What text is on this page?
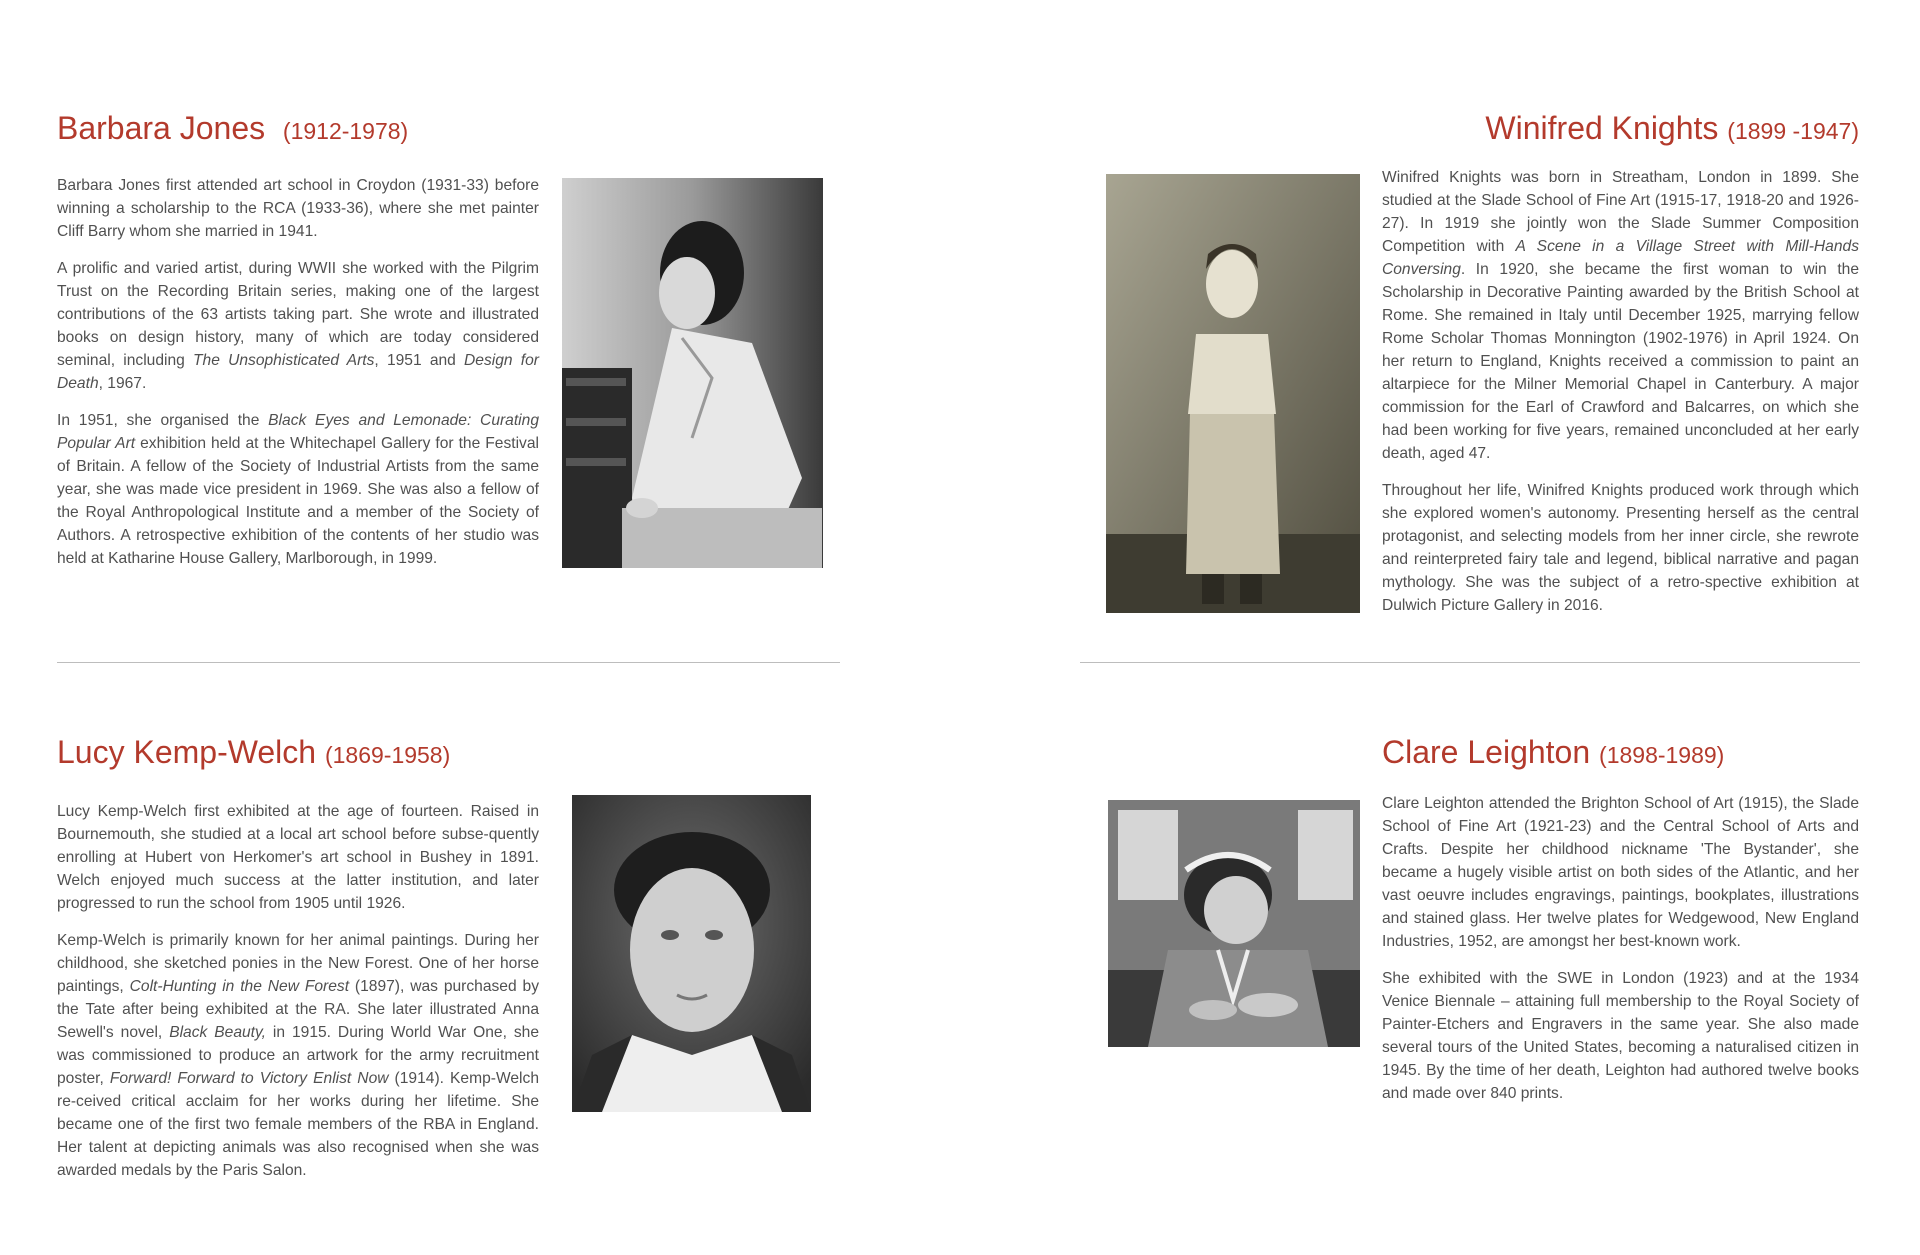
Barbara Jones (1912-1978)

Barbara Jones first attended art school in Croydon (1931-33) before winning a scholarship to the RCA (1933-36), where she met painter Cliff Barry whom she married in 1941.

A prolific and varied artist, during WWII she worked with the Pilgrim Trust on the Recording Britain series, making one of the largest contributions of the 63 artists taking part. She wrote and illustrated books on design history, many of which are today considered seminal, including The Unsophisticated Arts, 1951 and Design for Death, 1967.

In 1951, she organised the Black Eyes and Lemonade: Curating Popular Art exhibition held at the Whitechapel Gallery for the Festival of Britain. A fellow of the Society of Industrial Artists from the same year, she was made vice president in 1969. She was also a fellow of the Royal Anthropological Institute and a member of the Society of Authors. A retrospective exhibition of the contents of her studio was held at Katharine House Gallery, Marlborough, in 1999.

Winifred Knights (1899 -1947)

Winifred Knights was born in Streatham, London in 1899. She studied at the Slade School of Fine Art (1915-17, 1918-20 and 1926-27). In 1919 she jointly won the Slade Summer Composition Competition with A Scene in a Village Street with Mill-Hands Conversing. In 1920, she became the first woman to win the Scholarship in Decorative Painting awarded by the British School at Rome. She remained in Italy until December 1925, marrying fellow Rome Scholar Thomas Monnington (1902-1976) in April 1924. On her return to England, Knights received a commission to paint an altarpiece for the Milner Memorial Chapel in Canterbury. A major commission for the Earl of Crawford and Balcarres, on which she had been working for five years, remained unconcluded at her early death, aged 47.

Throughout her life, Winifred Knights produced work through which she explored women's autonomy. Presenting herself as the central protagonist, and selecting models from her inner circle, she rewrote and reinterpreted fairy tale and legend, biblical narrative and pagan mythology. She was the subject of a retro-spective exhibition at Dulwich Picture Gallery in 2016.

Lucy Kemp-Welch (1869-1958)

Lucy Kemp-Welch first exhibited at the age of fourteen. Raised in Bournemouth, she studied at a local art school before subse-quently enrolling at Hubert von Herkomer's art school in Bushey in 1891. Welch enjoyed much success at the latter institution, and later progressed to run the school from 1905 until 1926.

Kemp-Welch is primarily known for her animal paintings. During her childhood, she sketched ponies in the New Forest. One of her horse paintings, Colt-Hunting in the New Forest (1897), was purchased by the Tate after being exhibited at the RA. She later illustrated Anna Sewell's novel, Black Beauty, in 1915. During World War One, she was commissioned to produce an artwork for the army recruitment poster, Forward! Forward to Victory Enlist Now (1914). Kemp-Welch re-ceived critical acclaim for her works during her lifetime. She became one of the first two female members of the RBA in England. Her talent at depicting animals was also recognised when she was awarded medals by the Paris Salon.

Clare Leighton (1898-1989)

Clare Leighton attended the Brighton School of Art (1915), the Slade School of Fine Art (1921-23) and the Central School of Arts and Crafts. Despite her childhood nickname 'The Bystander', she became a hugely visible artist on both sides of the Atlantic, and her vast oeuvre includes engravings, paintings, bookplates, illustrations and stained glass. Her twelve plates for Wedgewood, New England Industries, 1952, are amongst her best-known work.

She exhibited with the SWE in London (1923) and at the 1934 Venice Biennale – attaining full membership to the Royal Society of Painter-Etchers and Engravers in the same year. She also made several tours of the United States, becoming a naturalised citizen in 1945. By the time of her death, Leighton had authored twelve books and made over 840 prints.
